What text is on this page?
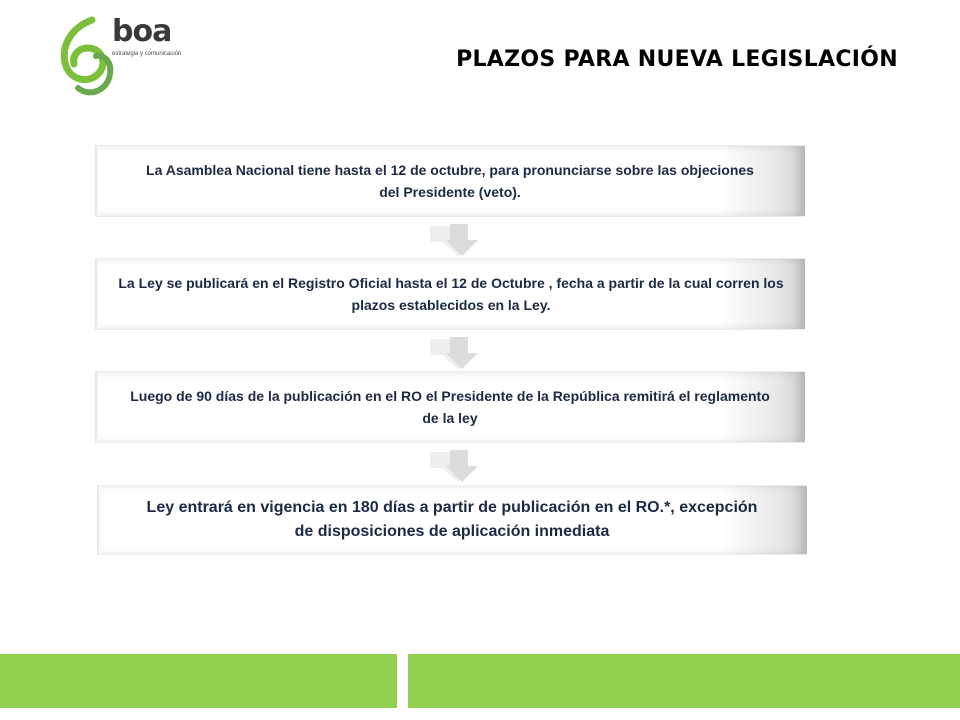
boa
estrategia y comunicación	PLAZOS PARA NUEVA LEGISLACIÓN
La Asamblea Nacional tiene hasta el 12 de octubre, para pronunciarse sobre las objeciones del Presidente (veto).
La Ley se publicará en el Registro Oficial hasta el 12 de Octubre , fecha a partir de la cual corren los plazos establecidos en la Ley.
Luego de 90 días de la publicación en el RO el Presidente de la República remitirá el reglamento de la ley
Ley entrará en vigencia en 180 días a partir de publicación en el RO.*, excepción de disposiciones de aplicación inmediata
